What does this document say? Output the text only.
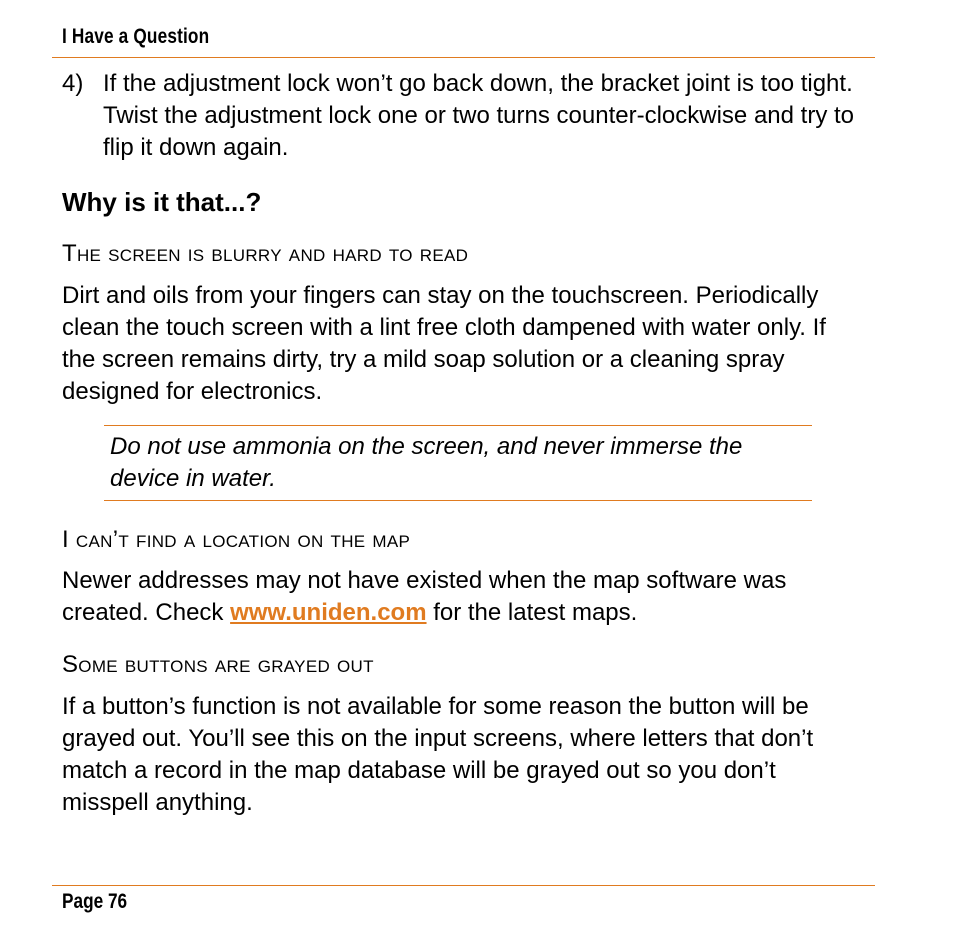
I Have a Question
4) If the adjustment lock won’t go back down, the bracket joint is too tight. Twist the adjustment lock one or two turns counter-clockwise and try to flip it down again.
Why is it that...?
The screen is blurry and hard to read
Dirt and oils from your fingers can stay on the touchscreen. Periodically clean the touch screen with a lint free cloth dampened with water only. If the screen remains dirty, try a mild soap solution or a cleaning spray designed for electronics.
Do not use ammonia on the screen, and never immerse the device in water.
I can’t find a location on the map
Newer addresses may not have existed when the map software was created. Check www.uniden.com for the latest maps.
Some buttons are grayed out
If a button’s function is not available for some reason the button will be grayed out. You’ll see this on the input screens, where letters that don’t match a record in the map database will be grayed out so you don’t misspell anything.
Page 76
